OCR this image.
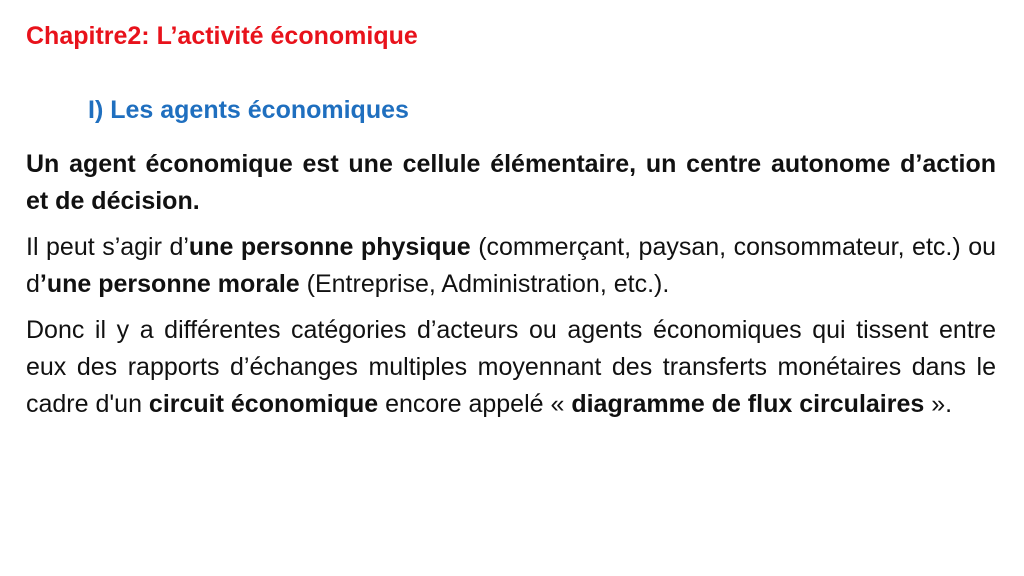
Chapitre2: L’activité économique
I) Les agents économiques

Un agent économique est une cellule élémentaire, un centre autonome d’action et de décision.

Il peut s’agir d’une personne physique (commerçant, paysan, consommateur, etc.) ou d’une personne morale (Entreprise, Administration, etc.).

Donc il y a différentes catégories d’acteurs ou agents économiques qui tissent entre eux des rapports d’échanges multiples moyennant des transferts monétaires dans le cadre d'un circuit économique encore appelé « diagramme de flux circulaires ».
